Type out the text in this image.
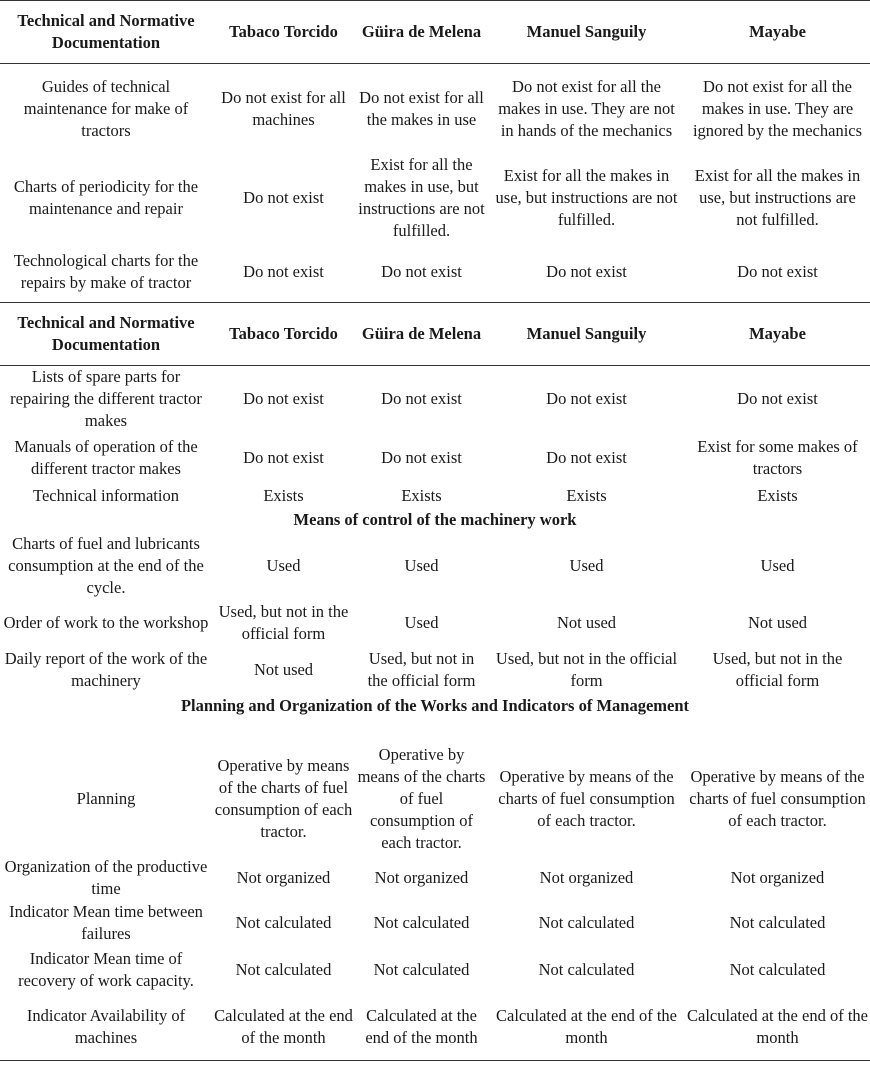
Technical and Normative Documentation	Tabaco Torcido	Güira de Melena	Manuel Sanguily	Mayabe
Guides of technical maintenance for make of tractors	Do not exist for all machines	Do not exist for all the makes in use	Do not exist for all the makes in use. They are not in hands of the mechanics	Do not exist for all the makes in use. They are ignored by the mechanics
Charts of periodicity for the maintenance and repair	Do not exist	Exist for all the makes in use, but instructions are not fulfilled.	Exist for all the makes in use, but instructions are not fulfilled.	Exist for all the makes in use, but instructions are not fulfilled.
Technological charts for the repairs by make of tractor	Do not exist	Do not exist	Do not exist	Do not exist
Technical and Normative Documentation	Tabaco Torcido	Güira de Melena	Manuel Sanguily	Mayabe
Lists of spare parts for repairing the different tractor makes	Do not exist	Do not exist	Do not exist	Do not exist
Manuals of operation of the different tractor makes	Do not exist	Do not exist	Do not exist	Exist for some makes of tractors
Technical information	Exists	Exists	Exists	Exists
Means of control of the machinery work				
Charts of fuel and lubricants consumption at the end of the cycle.	Used	Used	Used	Used
Order of work to the workshop	Used, but not in the official form	Used	Not used	Not used
Daily report of the work of the machinery	Not used	Used, but not in the official form	Used, but not in the official form	Used, but not in the official form
Planning and Organization of the Works and Indicators of Management				

Planning	Operative by means of the charts of fuel consumption of each tractor.	Operative by means of the charts of fuel consumption of each tractor.	Operative by means of the charts of fuel consumption of each tractor.	Operative by means of the charts of fuel consumption of each tractor.
Organization of the productive time	Not organized	Not organized	Not organized	Not organized
Indicator Mean time between failures	Not calculated	Not calculated	Not calculated	Not calculated
Indicator Mean time of recovery of work capacity.	Not calculated	Not calculated	Not calculated	Not calculated
Indicator Availability of machines	Calculated at the end of the month	Calculated at the end of the month	Calculated at the end of the month	Calculated at the end of the month
